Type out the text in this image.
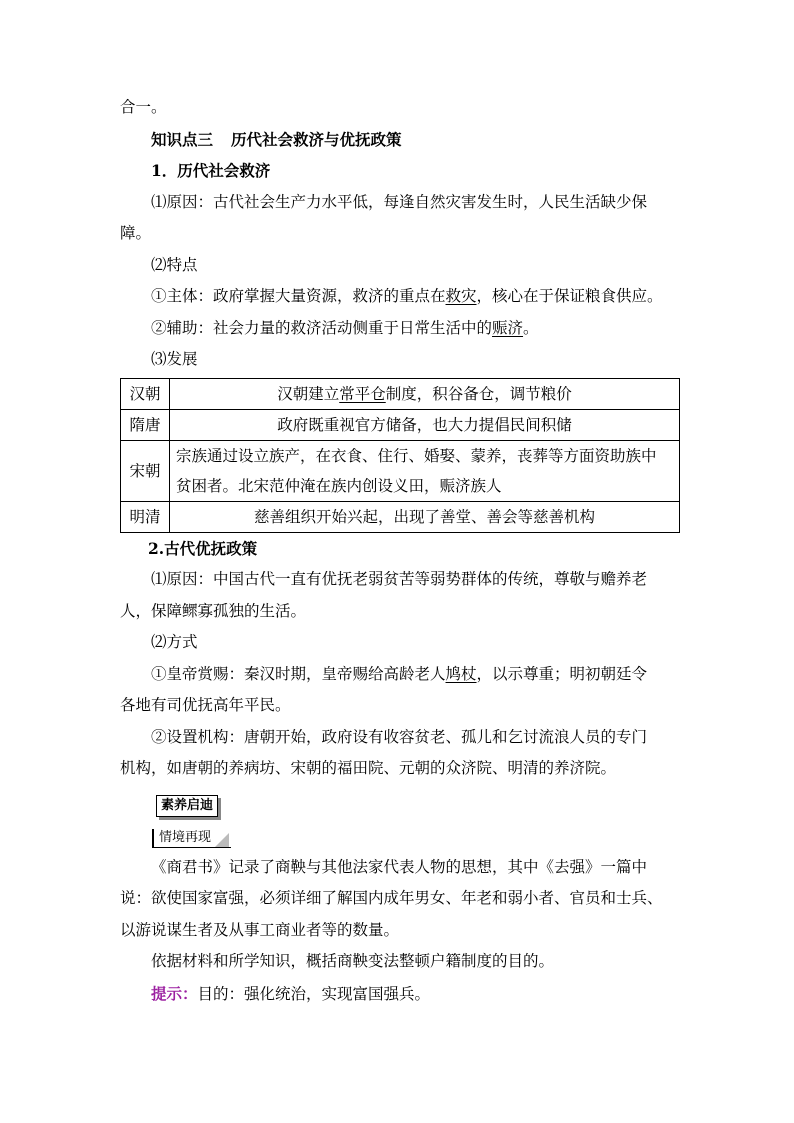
合一。
知识点三 历代社会救济与优抚政策
1．历代社会救济
⑴原因：古代社会生产力水平低，每逢自然灾害发生时，人民生活缺少保
障。
⑵特点
①主体：政府掌握大量资源，救济的重点在救灾，核心在于保证粮食供应。
②辅助：社会力量的救济活动侧重于日常生活中的赈济。
⑶发展
汉朝	汉朝建立常平仓制度，积谷备仓，调节粮价
隋唐	政府既重视官方储备，也大力提倡民间积储
宋朝	宗族通过设立族产，在衣食、住行、婚娶、蒙养，丧葬等方面资助族中
贫困者。北宋范仲淹在族内创设义田，赈济族人

明清	慈善组织开始兴起，出现了善堂、善会等慈善机构
2.古代优抚政策
⑴原因：中国古代一直有优抚老弱贫苦等弱势群体的传统，尊敬与赡养老
人，保障鳏寡孤独的生活。
⑵方式
①皇帝赏赐：秦汉时期，皇帝赐给高龄老人鸠杖，以示尊重；明初朝廷令
各地有司优抚高年平民。
②设置机构：唐朝开始，政府设有收容贫老、孤儿和乞讨流浪人员的专门
机构，如唐朝的养病坊、宋朝的福田院、元朝的众济院、明清的养济院。
素养启迪
情境再现
《商君书》记录了商鞅与其他法家代表人物的思想，其中《去强》一篇中
说：欲使国家富强，必须详细了解国内成年男女、年老和弱小者、官员和士兵、
以游说谋生者及从事工商业者等的数量。
依据材料和所学知识，概括商鞅变法整顿户籍制度的目的。
提示：目的：强化统治，实现富国强兵。
